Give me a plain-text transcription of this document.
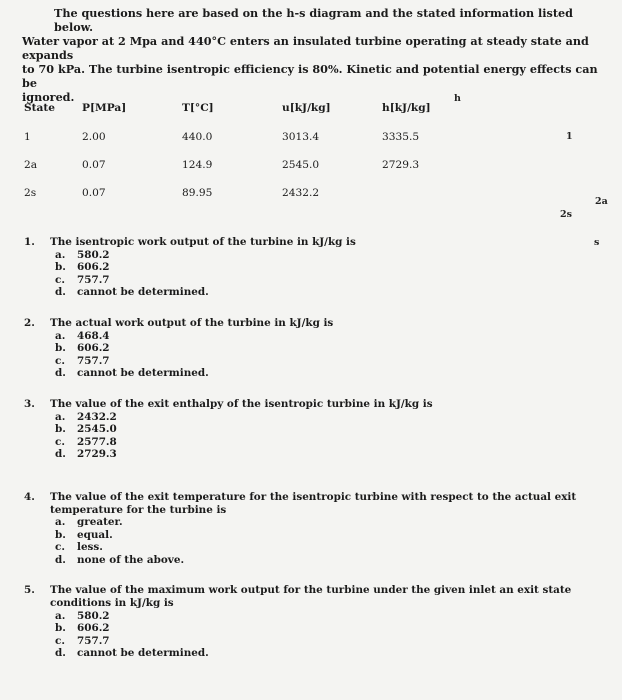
The questions here are based on the h-s diagram and the stated information listed below.
Water vapor at 2 Mpa and 440°C enters an insulated turbine operating at steady state and expands
to 70 kPa. The turbine isentropic efficiency is 80%. Kinetic and potential energy effects can be
ignored.
State	P[MPa]	T[°C]	u[kJ/kg]	h[kJ/kg]
1	2.00	440.0	3013.4	3335.5
2a	0.07	124.9	2545.0	2729.3
2s	0.07	89.95	2432.2	
h
1
2a
2s
s
1. The isentropic work output of the turbine in kJ/kg is
a. 580.2
b. 606.2
c. 757.7
d. cannot be determined.
2. The actual work output of the turbine in kJ/kg is
a. 468.4
b. 606.2
c. 757.7
d. cannot be determined.
3. The value of the exit enthalpy of the isentropic turbine in kJ/kg is
a. 2432.2
b. 2545.0
c. 2577.8
d. 2729.3
4. The value of the exit temperature for the isentropic turbine with respect to the actual exit temperature for the turbine is
a. greater.
b. equal.
c. less.
d. none of the above.
5. The value of the maximum work output for the turbine under the given inlet an exit state conditions in kJ/kg is
a. 580.2
b. 606.2
c. 757.7
d. cannot be determined.
